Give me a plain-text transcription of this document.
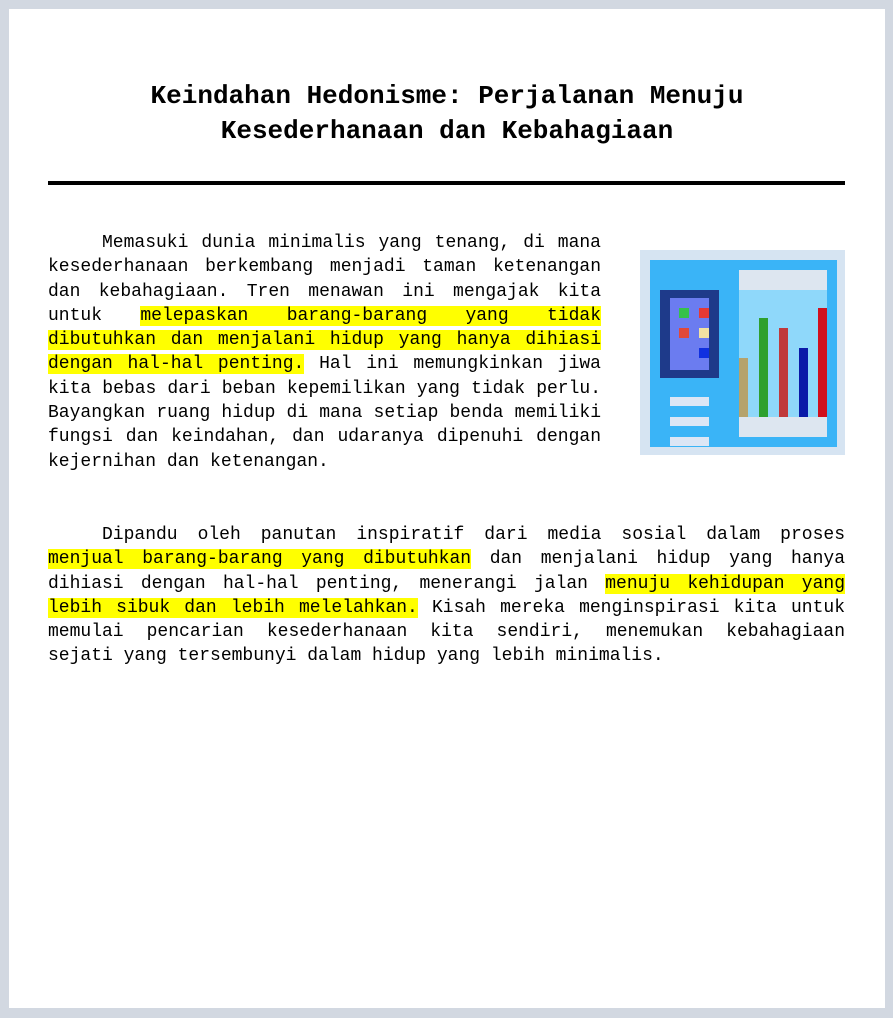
Keindahan Hedonisme: Perjalanan Menuju
Kesederhanaan dan Kebahagiaan

Memasuki dunia minimalis yang tenang, di mana kesederhanaan berkembang menjadi taman ketenangan dan kebahagiaan. Tren menawan ini mengajak kita untuk melepaskan barang-barang yang tidak dibutuhkan dan menjalani hidup yang hanya dihiasi dengan hal-hal penting. Hal ini memungkinkan jiwa kita bebas dari beban kepemilikan yang tidak perlu. Bayangkan ruang hidup di mana setiap benda memiliki fungsi dan keindahan, dan udaranya dipenuhi dengan kejernihan dan ketenangan.

Dipandu oleh panutan inspiratif dari media sosial dalam proses menjual barang-barang yang dibutuhkan dan menjalani hidup yang hanya dihiasi dengan hal-hal penting, menerangi jalan menuju kehidupan yang lebih sibuk dan lebih melelahkan. Kisah mereka menginspirasi kita untuk memulai pencarian kesederhanaan kita sendiri, menemukan kebahagiaan sejati yang tersembunyi dalam hidup yang lebih minimalis.
